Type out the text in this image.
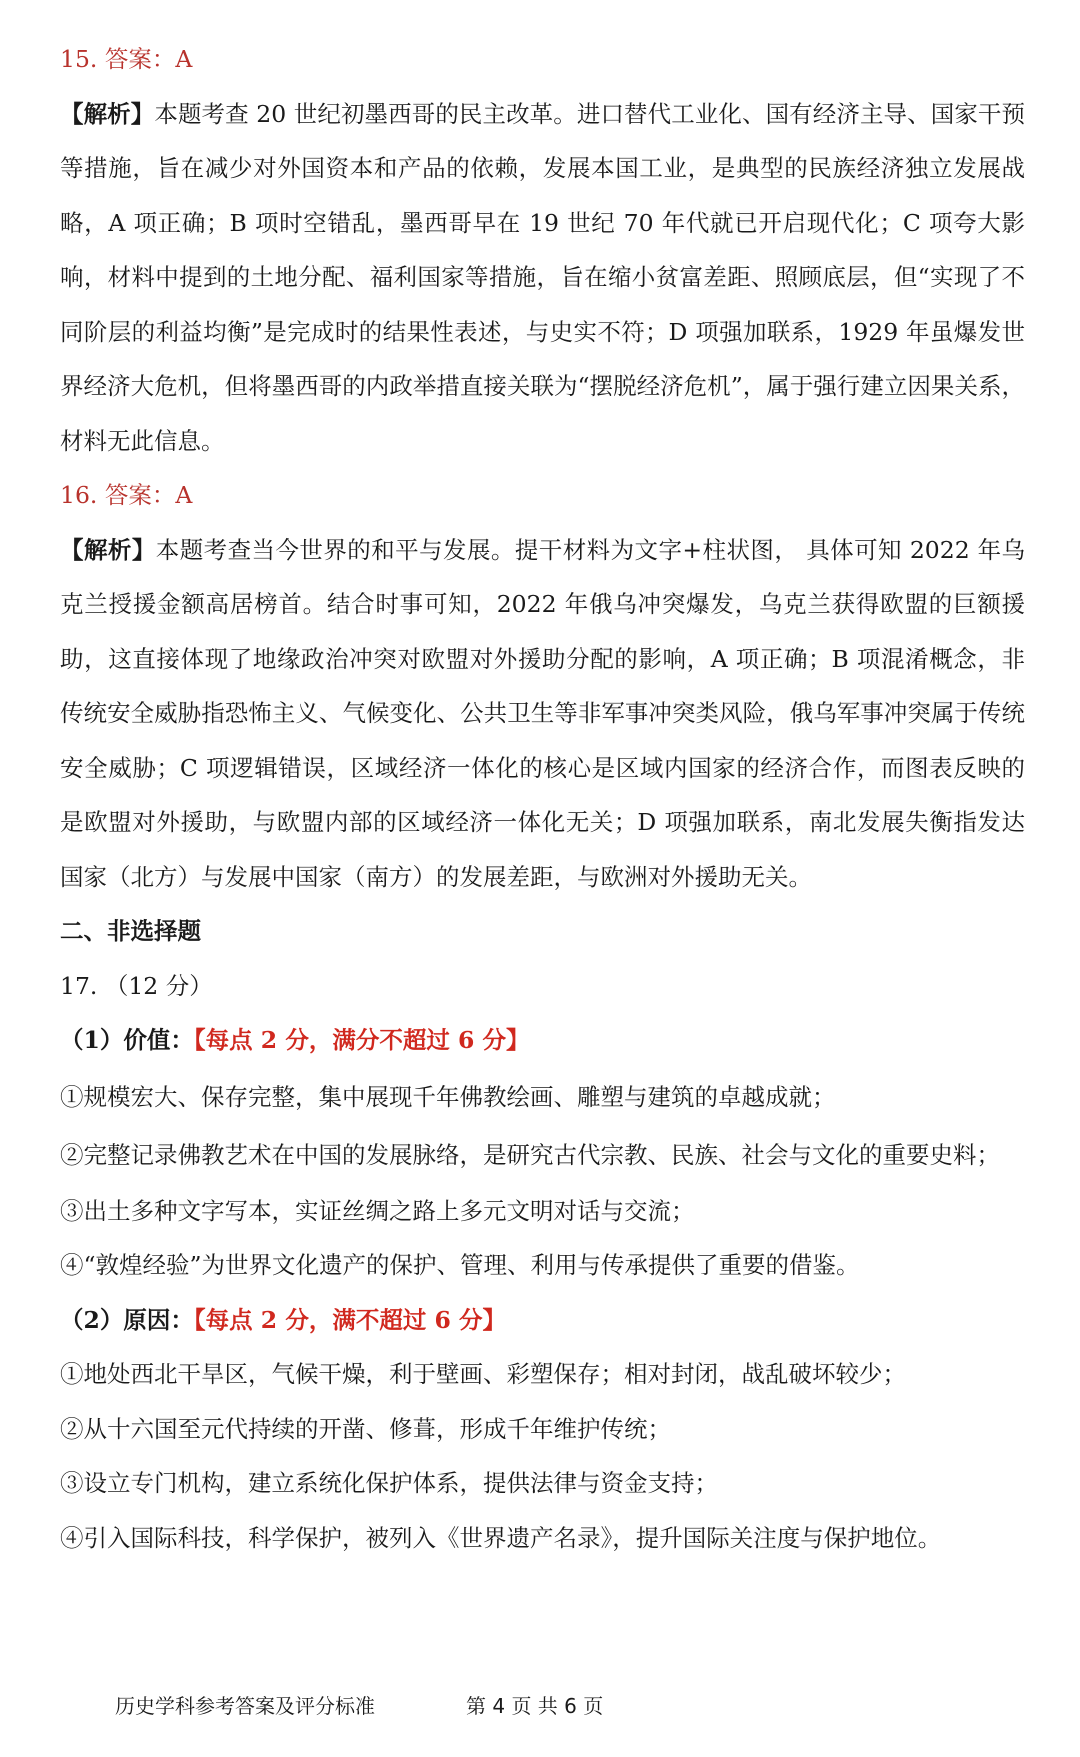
15. 答案：A

【解析】本题考查 20 世纪初墨西哥的民主改革。进口替代工业化、国有经济主导、国家干预等措施，旨在减少对外国资本和产品的依赖，发展本国工业，是典型的民族经济独立发展战略，A 项正确；B 项时空错乱，墨西哥早在 19 世纪 70 年代就已开启现代化；C 项夸大影响，材料中提到的土地分配、福利国家等措施，旨在缩小贫富差距、照顾底层，但“实现了不同阶层的利益均衡”是完成时的结果性表述，与史实不符；D 项强加联系，1929 年虽爆发世界经济大危机，但将墨西哥的内政举措直接关联为“摆脱经济危机”，属于强行建立因果关系，材料无此信息。

16. 答案：A

【解析】本题考查当今世界的和平与发展。提干材料为文字+柱状图， 具体可知 2022 年乌克兰授援金额高居榜首。结合时事可知，2022 年俄乌冲突爆发，乌克兰获得欧盟的巨额援助，这直接体现了地缘政治冲突对欧盟对外援助分配的影响，A 项正确；B 项混淆概念，非传统安全威胁指恐怖主义、气候变化、公共卫生等非军事冲突类风险，俄乌军事冲突属于传统安全威胁；C 项逻辑错误，区域经济一体化的核心是区域内国家的经济合作，而图表反映的是欧盟对外援助，与欧盟内部的区域经济一体化无关；D 项强加联系，南北发展失衡指发达国家（北方）与发展中国家（南方）的发展差距，与欧洲对外援助无关。

二、非选择题

17. （12 分）

（1）价值：【每点 2 分，满分不超过 6 分】

①规模宏大、保存完整，集中展现千年佛教绘画、雕塑与建筑的卓越成就；

②完整记录佛教艺术在中国的发展脉络，是研究古代宗教、民族、社会与文化的重要史料；

③出土多种文字写本，实证丝绸之路上多元文明对话与交流；

④“敦煌经验”为世界文化遗产的保护、管理、利用与传承提供了重要的借鉴。

（2）原因：【每点 2 分，满不超过 6 分】

①地处西北干旱区，气候干燥，利于壁画、彩塑保存；相对封闭，战乱破坏较少；

②从十六国至元代持续的开凿、修葺，形成千年维护传统；

③设立专门机构，建立系统化保护体系，提供法律与资金支持；

④引入国际科技，科学保护，被列入《世界遗产名录》，提升国际关注度与保护地位。

历史学科参考答案及评分标准	第 4 页 共 6 页
